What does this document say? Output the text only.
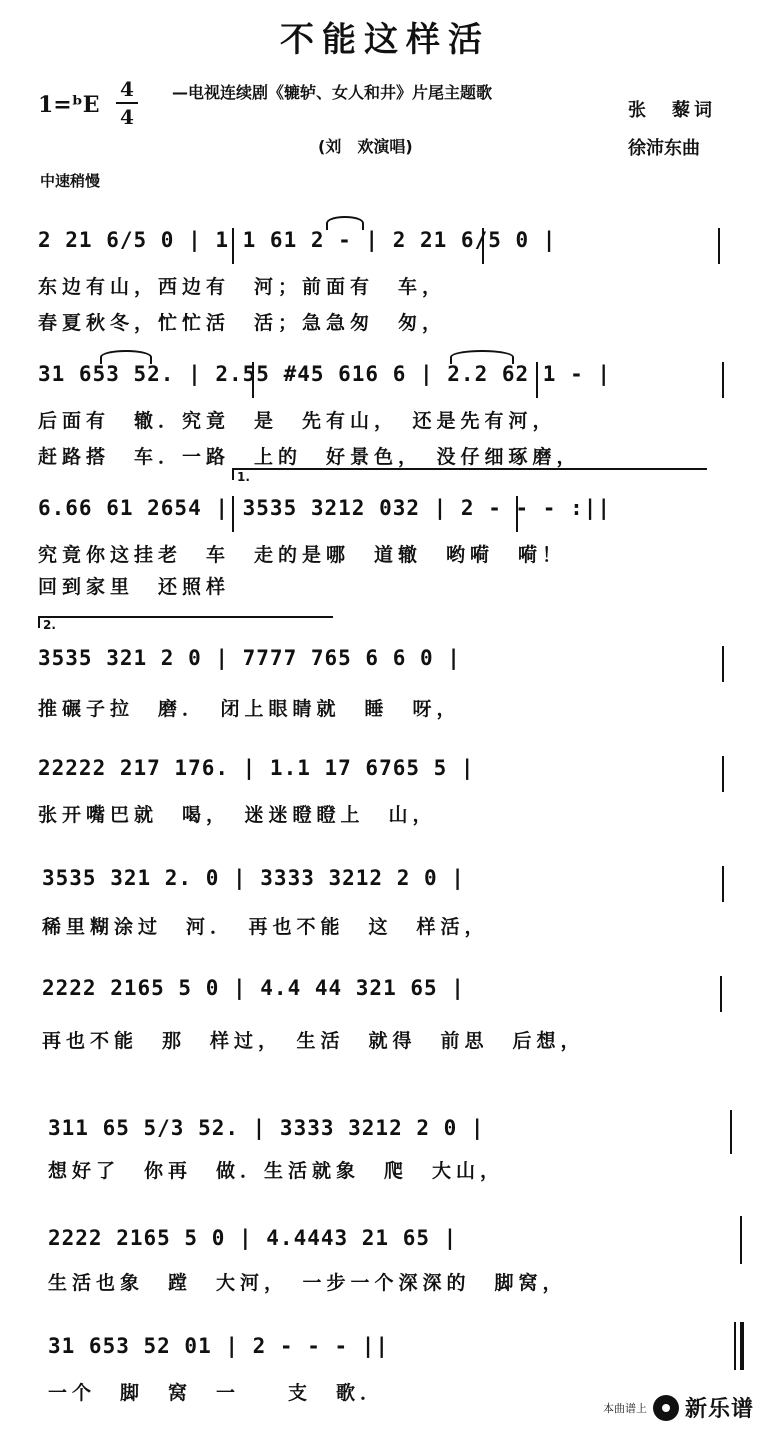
不能这样活
1=ᵇE
4
4
—电视连续剧《辘轳、女人和井》片尾主题歌
(刘　欢演唱)
张　藜词
徐沛东曲
中速稍慢
2 21 6/5 0 | 1 1 61 2 - | 2 21 6/5 0 |
东边有山，西边有　河；前面有　车，
春夏秋冬，忙忙活　活；急急匆　匆，
31 653 52. | 2.55 #45 616 6 | 2.2 62 1 - |
后面有　辙．究竟　是　先有山，　还是先有河，
赶路搭　车．一路　上的　好景色，　没仔细琢磨，
1.
6.66 61 2654 | 3535 3212 032 | 2 - - - :||
究竟你这挂老　车　走的是哪　道辙　哟嗬　嗬！
回到家里　还照样
2.
3535 321 2 0 | 7777 765 6 6 0 |
推碾子拉　磨．　闭上眼睛就　睡　呀，
22222 217 176. | 1.1 17 6765 5 |
张开嘴巴就　喝，　迷迷瞪瞪上　山，
3535 321 2. 0 | 3333 3212 2 0 |
稀里糊涂过　河．　再也不能　这　样活，
2222 2165 5 0 | 4.4 44 321 65 |
再也不能　那　样过，　生活　就得　前思　后想，
311 65 5/3 52. | 3333 3212 2 0 |
想好了　你再　做．生活就象　爬　大山，
2222 2165 5 0 | 4.4443 21 65 |
生活也象　蹚　大河，　一步一个深深的　脚窝，
31 653 52 01 | 2 - - - ||
一个　脚　窝　一　　支　歌．
本曲谱上 新乐谱
